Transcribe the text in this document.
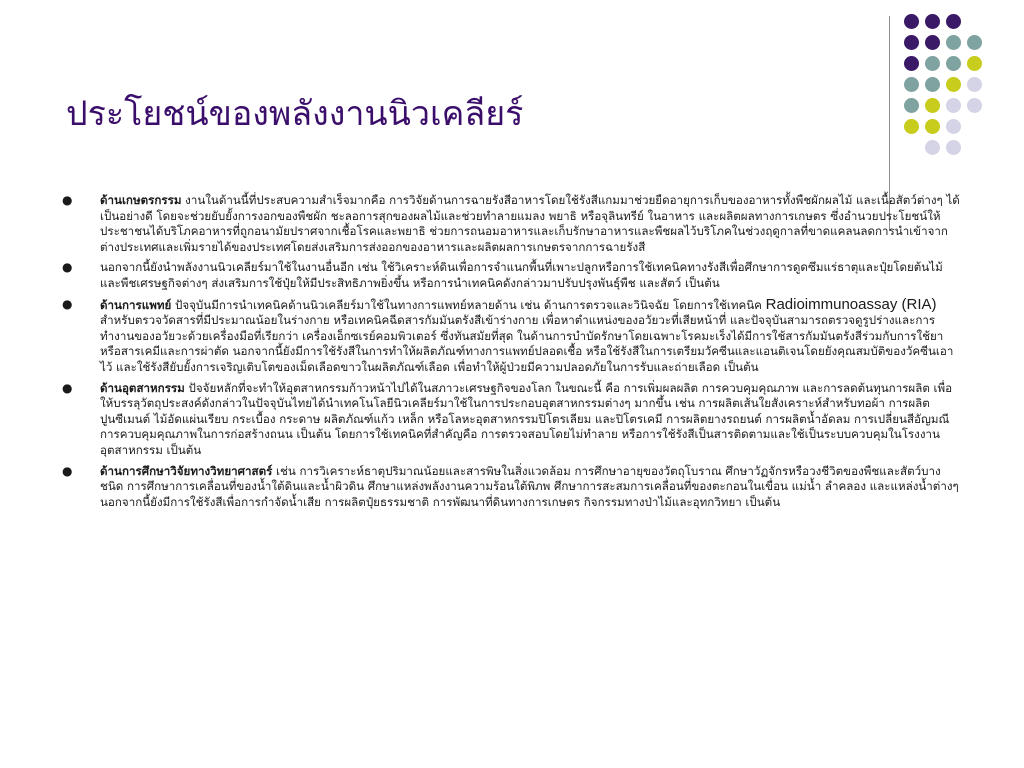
ประโยชน์ของพลังงานนิวเคลียร์
● ด้านเกษตรกรรม งานในด้านนี้ที่ประสบความสำเร็จมากคือ การวิจัยด้านการฉายรังสีอาหารโดยใช้รังสีแกมมาช่วยยืดอายุการเก็บของอาหารทั้งพืชผักผลไม้ และเนื้อสัตว์ต่างๆ ได้เป็นอย่างดี โดยจะช่วยยับยั้งการงอกของพืชผัก ชะลอการสุกของผลไม้และช่วยทำลายแมลง พยาธิ หรือจุลินทรีย์ ในอาหาร และผลิตผลทางการเกษตร ซึ่งอำนวยประโยชน์ให้ประชาชนได้บริโภคอาหารที่ถูกอนามัยปราศจากเชื้อโรคและพยาธิ ช่วยการถนอมอาหารและเก็บรักษาอาหารและพืชผลไว้บริโภคในช่วงฤดูกาลที่ขาดแคลนลดการนำเข้าจากต่างประเทศและเพิ่มรายได้ของประเทศโดยส่งเสริมการส่งออกของอาหารและผลิตผลการเกษตรจากการฉายรังสี
● นอกจากนี้ยังนำพลังงานนิวเคลียร์มาใช้ในงานอื่นอีก เช่น ใช้วิเคราะห์ดินเพื่อการจำแนกพื้นที่เพาะปลูกหรือการใช้เทคนิคทางรังสีเพื่อศึกษาการดูดซึมแร่ธาตุและปุ๋ยโดยต้นไม้และพืชเศรษฐกิจต่างๆ ส่งเสริมการใช้ปุ๋ยให้มีประสิทธิภาพยิ่งขึ้น หรือการนำเทคนิคดังกล่าวมาปรับปรุงพันธุ์พืช และสัตว์ เป็นต้น
● ด้านการแพทย์ ปัจจุบันมีการนำเทคนิคด้านนิวเคลียร์มาใช้ในทางการแพทย์หลายด้าน เช่น ด้านการตรวจและวินิจฉัย โดยการใช้เทคนิค Radioimmunoassay (RIA) สำหรับตรวจวัดสารที่มีประมาณน้อยในร่างกาย หรือเทคนิคฉีดสารกัมมันตรังสีเข้าร่างกาย เพื่อหาตำแหน่งของอวัยวะที่เสียหน้าที่ และปัจจุบันสามารถตรวจดูรูปร่างและการทำงานของอวัยวะด้วยเครื่องมือที่เรียกว่า เครื่องเอ็กซเรย์คอมพิวเตอร์ ซึ่งทันสมัยที่สุด ในด้านการบำบัดรักษาโดยเฉพาะโรคมะเร็งได้มีการใช้สารกัมมันตรังสีร่วมกับการใช้ยาหรือสารเคมีและการผ่าตัด นอกจากนี้ยังมีการใช้รังสีในการทำให้ผลิตภัณฑ์ทางการแพทย์ปลอดเชื้อ หรือใช้รังสีในการเตรียมวัคซีนและแอนติเจนโดยยังคุณสมบัติของวัคซีนเอาไว้ และใช้รังสียับยั้งการเจริญเติบโตของเม็ดเลือดขาวในผลิตภัณฑ์เลือด เพื่อทำให้ผู้ป่วยมีความปลอดภัยในการรับและถ่ายเลือด เป็นต้น
● ด้านอุตสาหกรรม ปัจจัยหลักที่จะทำให้อุตสาหกรรมก้าวหน้าไปได้ในสภาวะเศรษฐกิจของโลก ในขณะนี้ คือ การเพิ่มผลผลิต การควบคุมคุณภาพ และการลดต้นทุนการผลิต เพื่อให้บรรลุวัตถุประสงค์ดังกล่าวในปัจจุบันไทยได้นำเทคโนโลยีนิวเคลียร์มาใช้ในการประกอบอุตสาหกรรมต่างๆ มากขึ้น เช่น การผลิตเส้นใยสังเคราะห์สำหรับทอผ้า การผลิตปูนซีเมนต์ ไม้อัดแผ่นเรียบ กระเบื้อง กระดาษ ผลิตภัณฑ์แก้ว เหล็ก หรือโลหะอุตสาหกรรมปิโตรเลียม และปิโตรเคมี การผลิตยางรถยนต์ การผลิตน้ำอัดลม การเปลี่ยนสีอัญมณี การควบคุมคุณภาพในการก่อสร้างถนน เป็นต้น โดยการใช้เทคนิคที่สำคัญคือ การตรวจสอบโดยไม่ทำลาย หรือการใช้รังสีเป็นสารติดตามและใช้เป็นระบบควบคุมในโรงงานอุตสาหกรรม เป็นต้น
● ด้านการศึกษาวิจัยทางวิทยาศาสตร์ เช่น การวิเคราะห์ธาตุปริมาณน้อยและสารพิษในสิ่งแวดล้อม การศึกษาอายุของวัตถุโบราณ ศึกษาวัฏจักรหรือวงชีวิตของพืชและสัตว์บางชนิด การศึกษาการเคลื่อนที่ของน้ำใต้ดินและน้ำผิวดิน ศึกษาแหล่งพลังงานความร้อนใต้พิภพ ศึกษาการสะสมการเคลื่อนที่ของตะกอนในเขื่อน แม่น้ำ ลำคลอง และแหล่งน้ำต่างๆ นอกจากนี้ยังมีการใช้รังสีเพื่อการกำจัดน้ำเสีย การผลิตปุ๋ยธรรมชาติ การพัฒนาที่ดินทางการเกษตร กิจกรรมทางป่าไม้และอุทกวิทยา เป็นต้น
